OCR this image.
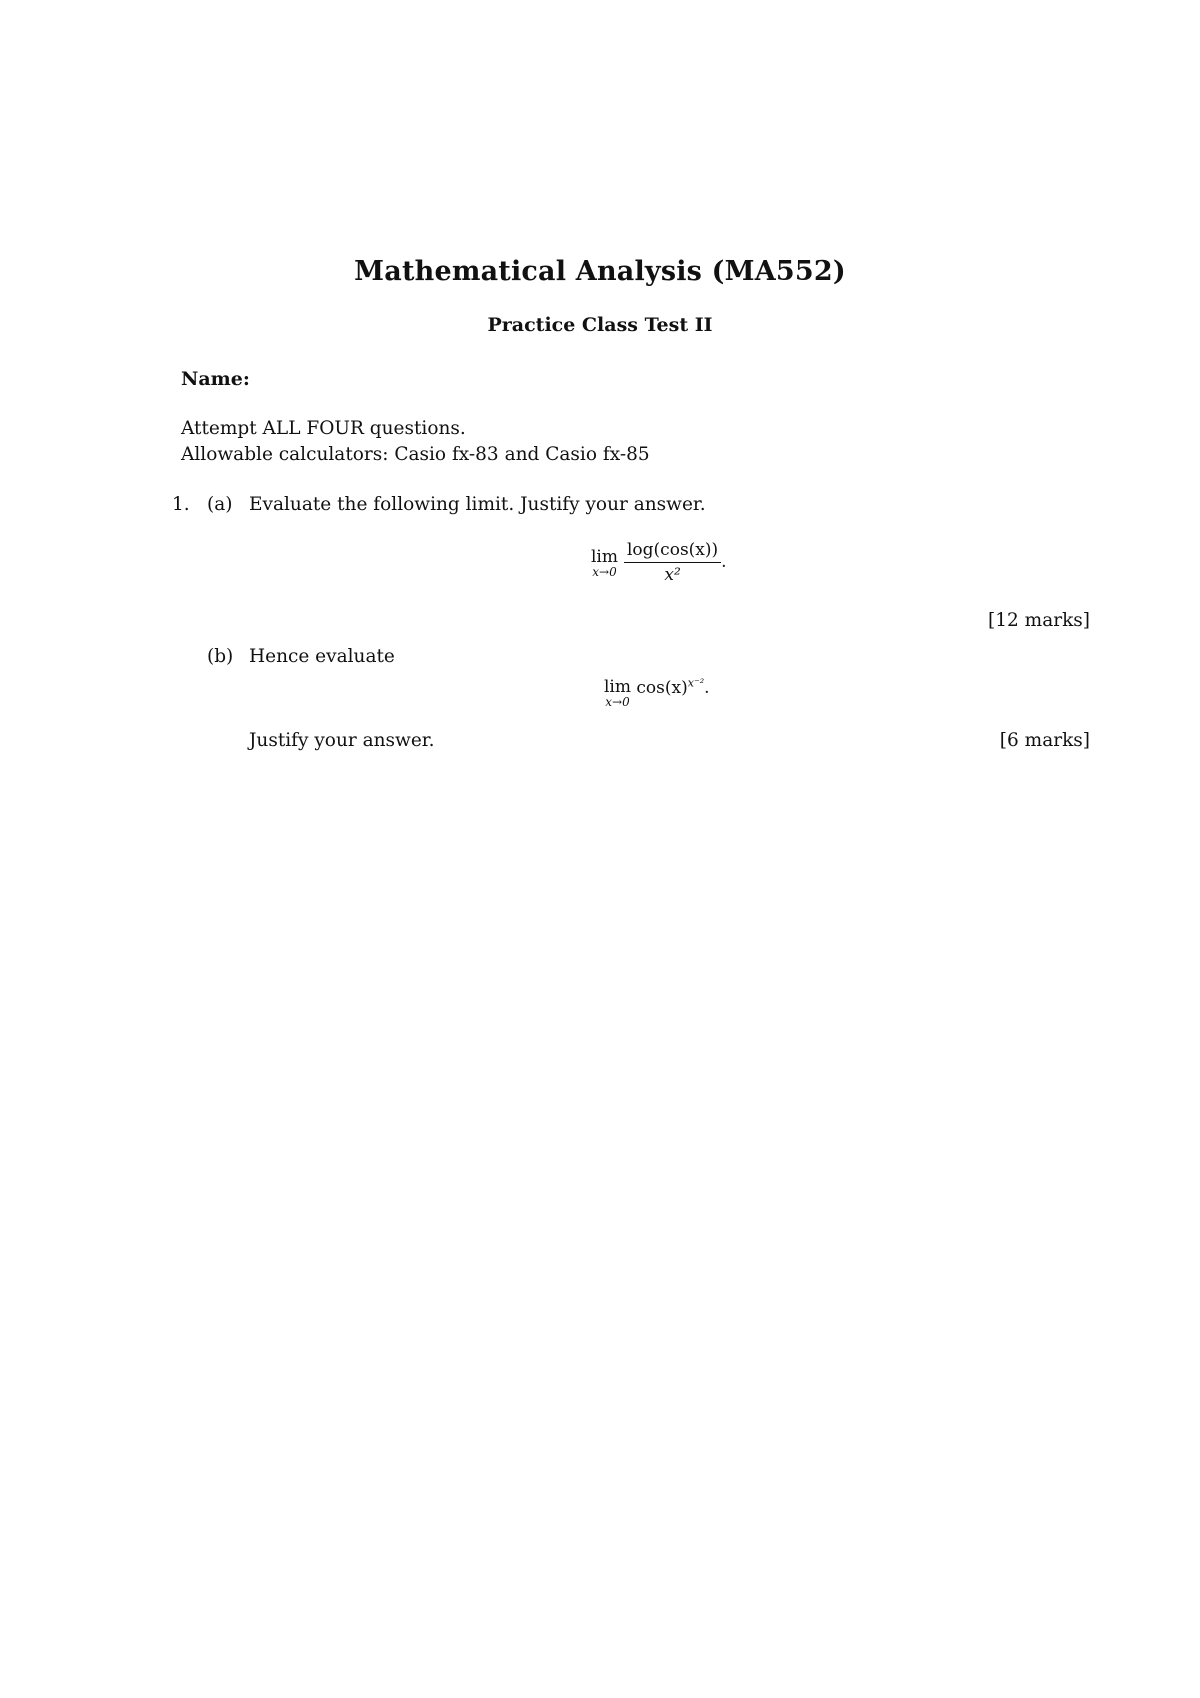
Mathematical Analysis (MA552)
Practice Class Test II
Name:
Attempt ALL FOUR questions.
Allowable calculators: Casio fx-83 and Casio fx-85
1. (a) Evaluate the following limit. Justify your answer.
lim
$x\to 0 \frac{\log(\cos(x))}{\text{x²}}$ .
[12 marks]
(b) Hence evaluate
lim
x→0
$\cos(x)^{x^{-2}}$.
Justify your answer.	[6 marks]
